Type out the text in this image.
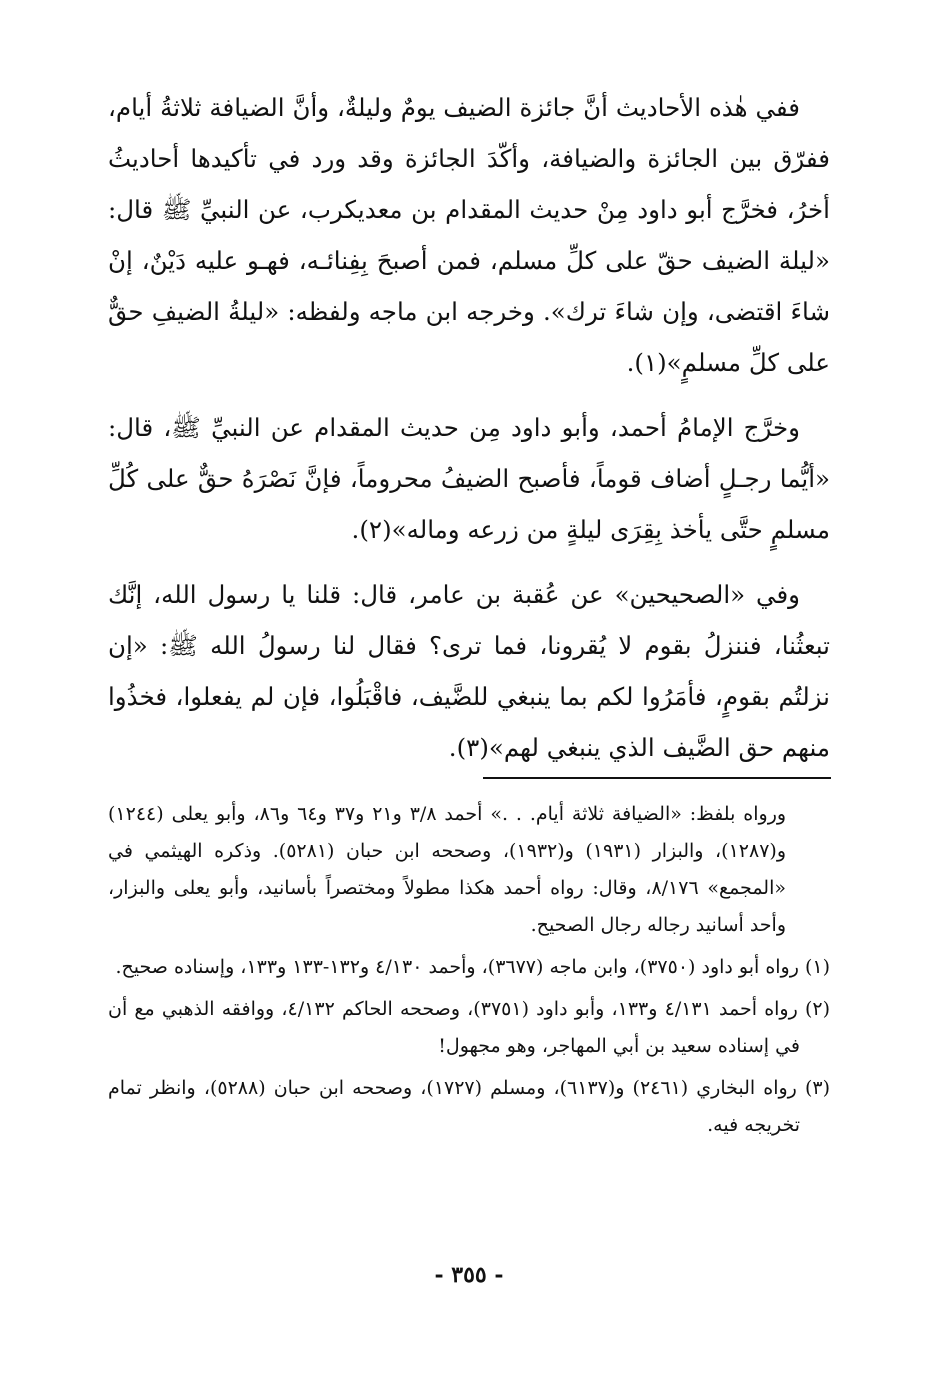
ففي هٰذه الأحاديث أنَّ جائزة الضيف يومٌ وليلةٌ، وأنَّ الضيافة ثلاثةُ أيام، ففرّق بين الجائزة والضيافة، وأكّدَ الجائزة وقد ورد في تأكيدها أحاديثُ أخرُ، فخرَّج أبو داود مِنْ حديث المقدام بن معديكرب، عن النبيِّ ﷺ قال: «ليلة الضيف حقّ على كلِّ مسلم، فمن أصبحَ بِفِنائـه، فهـو عليه دَيْنٌ، إنْ شاءَ اقتضى، وإن شاءَ ترك». وخرجه ابن ماجه ولفظه: «ليلةُ الضيفِ حقٌّ على كلِّ مسلمٍ»(١).

وخرَّج الإمامُ أحمد، وأبو داود مِن حديث المقدام عن النبيِّ ﷺ، قال: «أيُّما رجـلٍ أضاف قوماً، فأصبح الضيفُ محروماً، فإنَّ نَصْرَهُ حقٌّ على كُلِّ مسلمٍ حتَّى يأخذ بِقِرَى ليلةٍ من زرعه وماله»(٢).

وفي «الصحيحين» عن عُقبة بن عامر، قال: قلنا يا رسول الله، إنَّك تبعثُنا، فننزلُ بقوم لا يُقرونا، فما ترى؟ فقال لنا رسولُ الله ﷺ: «إن نزلتُم بقومٍ، فأمَرُوا لكم بما ينبغي للضَّيف، فاقْبَلُوا، فإن لم يفعلوا، فخذُوا منهم حق الضَّيف الذي ينبغي لهم»(٣).

ورواه بلفظ: «الضيافة ثلاثة أيام. . .» أحمد ٣/٨ و٢١ و٣٧ و٦٤ و٨٦، وأبو يعلى (١٢٤٤) و(١٢٨٧)، والبزار (١٩٣١) و(١٩٣٢)، وصححه ابن حبان (٥٢٨١). وذكره الهيثمي في «المجمع» ٨/١٧٦، وقال: رواه أحمد هكذا مطولاً ومختصراً بأسانيد، وأبو يعلى والبزار، وأحد أسانيد رجاله رجال الصحيح.

(١) رواه أبو داود (٣٧٥٠)، وابن ماجه (٣٦٧٧)، وأحمد ٤/١٣٠ و١٣٢-١٣٣ و١٣٣، وإسناده صحيح.

(٢) رواه أحمد ٤/١٣١ و١٣٣، وأبو داود (٣٧٥١)، وصححه الحاكم ٤/١٣٢، ووافقه الذهبي مع أن في إسناده سعيد بن أبي المهاجر، وهو مجهول!

(٣) رواه البخاري (٢٤٦١) و(٦١٣٧)، ومسلم (١٧٢٧)، وصححه ابن حبان (٥٢٨٨)، وانظر تمام تخريجه فيه.

- ٣٥٥ -
